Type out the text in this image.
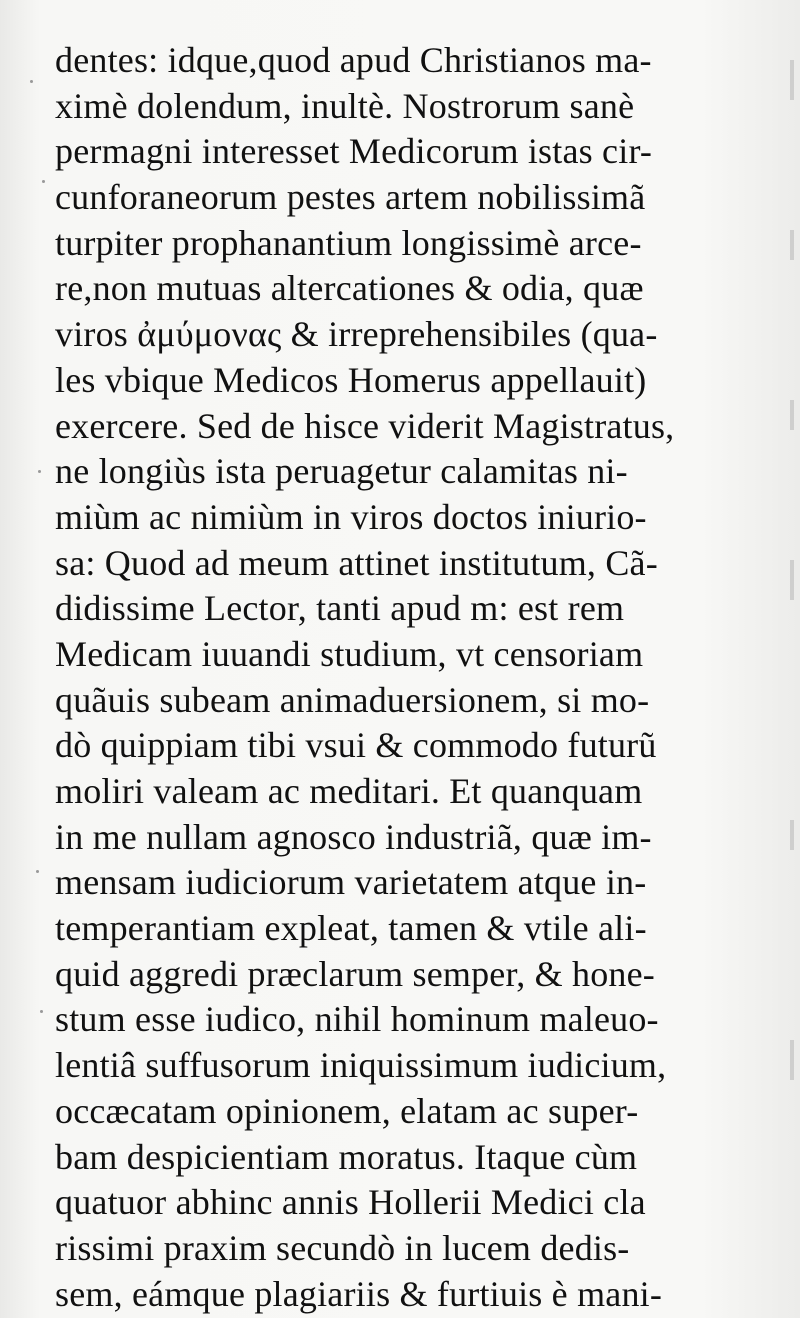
dentes: idque,quod apud Christianos ma-
ximè dolendum, inultè. Nostrorum sanè
permagni interesset Medicorum istas cir-
cunforaneorum pestes artem nobilissimã
turpiter prophanantium longissimè arce-
re,non mutuas altercationes & odia, quæ
viros ἀμύμονας & irreprehensibiles (qua-
les vbique Medicos Homerus appellauit)
exercere. Sed de hisce viderit Magistratus,
ne longiùs ista peruagetur calamitas ni-
miùm ac nimiùm in viros doctos iniurio-
sa: Quod ad meum attinet institutum, Cã-
didissime Lector, tanti apud m: est rem
Medicam iuuandi studium, vt censoriam
quãuis subeam animaduersionem, si mo-
dò quippiam tibi vsui & commodo futurũ
moliri valeam ac meditari. Et quanquam
in me nullam agnosco industriã, quæ im-
mensam iudiciorum varietatem atque in-
temperantiam expleat, tamen & vtile ali-
quid aggredi præclarum semper, & hone-
stum esse iudico, nihil hominum maleuo-
lentiâ suffusorum iniquissimum iudicium,
occæcatam opinionem, elatam ac super-
bam despicientiam moratus. Itaque cùm
quatuor abhinc annis Hollerii Medici cla
rissimi praxim secundò in lucem dedis-
sem, eámque plagiariis & furtiuis è mani-
